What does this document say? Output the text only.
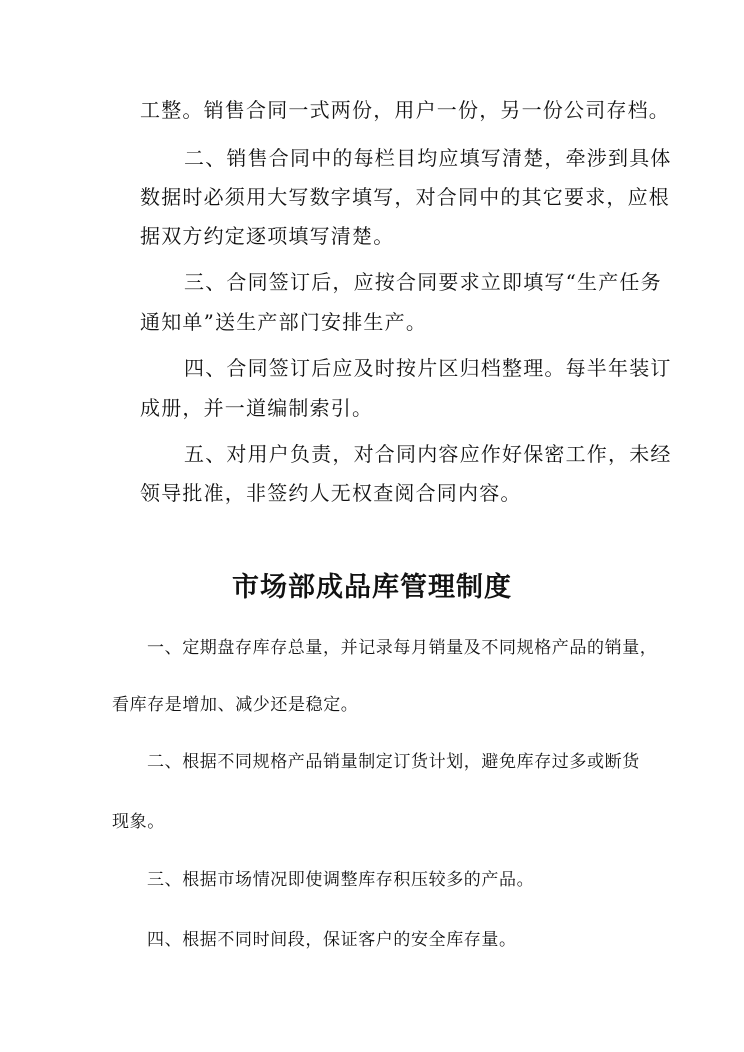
工整。销售合同一式两份，用户一份，另一份公司存档。

二、销售合同中的每栏目均应填写清楚，牵涉到具体

数据时必须用大写数字填写，对合同中的其它要求，应根

据双方约定逐项填写清楚。

三、合同签订后，应按合同要求立即填写“生产任务

通知单”送生产部门安排生产。

四、合同签订后应及时按片区归档整理。每半年装订

成册，并一道编制索引。

五、对用户负责，对合同内容应作好保密工作，未经

领导批准，非签约人无权查阅合同内容。

市场部成品库管理制度

一、定期盘存库存总量，并记录每月销量及不同规格产品的销量，

看库存是增加、减少还是稳定。

二、根据不同规格产品销量制定订货计划，避免库存过多或断货

现象。

三、根据市场情况即使调整库存积压较多的产品。

四、根据不同时间段，保证客户的安全库存量。
